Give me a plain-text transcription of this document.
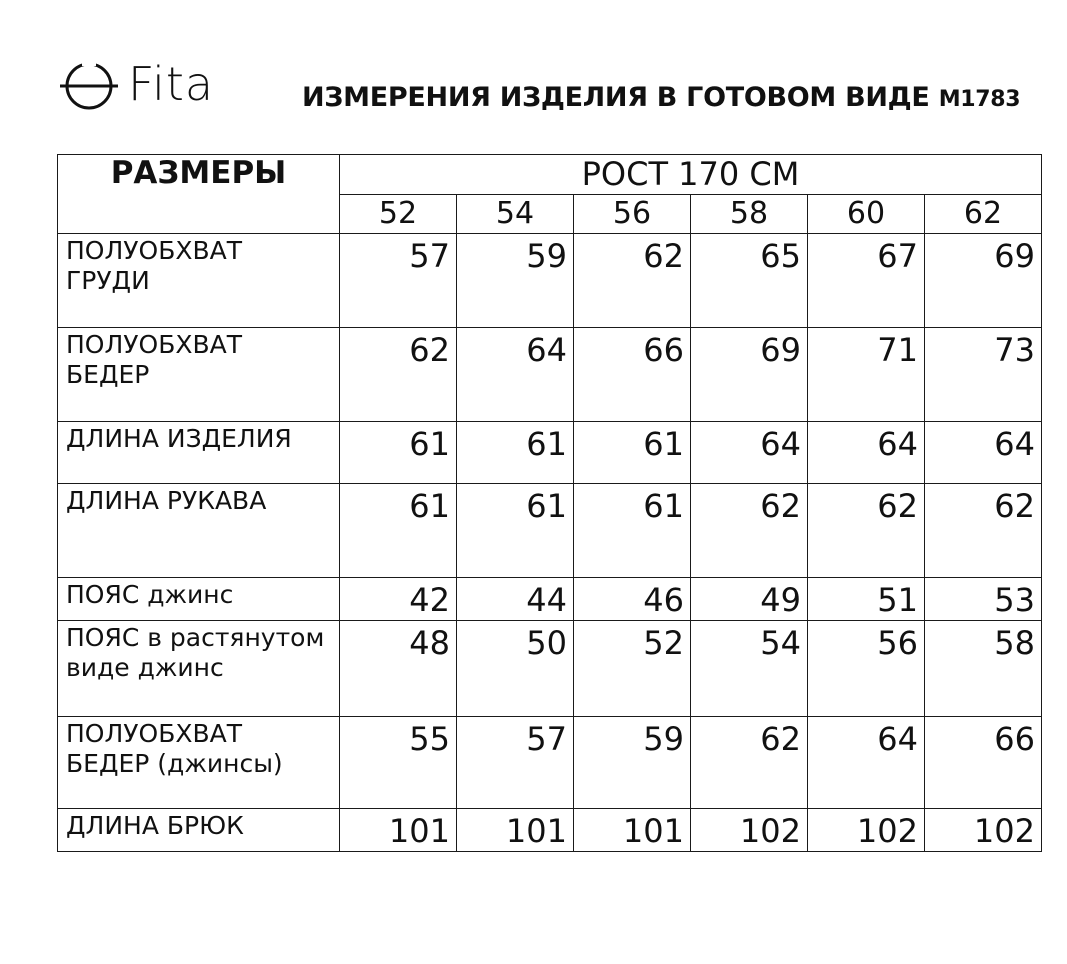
Fita	ИЗМЕРЕНИЯ ИЗДЕЛИЯ В ГОТОВОМ ВИДЕ М1783
РАЗМЕРЫ	РОСТ 170 СМ					
	52	54	56	58	60	62
ПОЛУОБХВАТ ГРУДИ	57	59	62	65	67	69
ПОЛУОБХВАТ БЕДЕР	62	64	66	69	71	73
ДЛИНА ИЗДЕЛИЯ	61	61	61	64	64	64
ДЛИНА РУКАВА	61	61	61	62	62	62
ПОЯС джинс	42	44	46	49	51	53
ПОЯС в растянутом виде джинс	48	50	52	54	56	58
ПОЛУОБХВАТ БЕДЕР (джинсы)	55	57	59	62	64	66
ДЛИНА БРЮК	101	101	101	102	102	102
